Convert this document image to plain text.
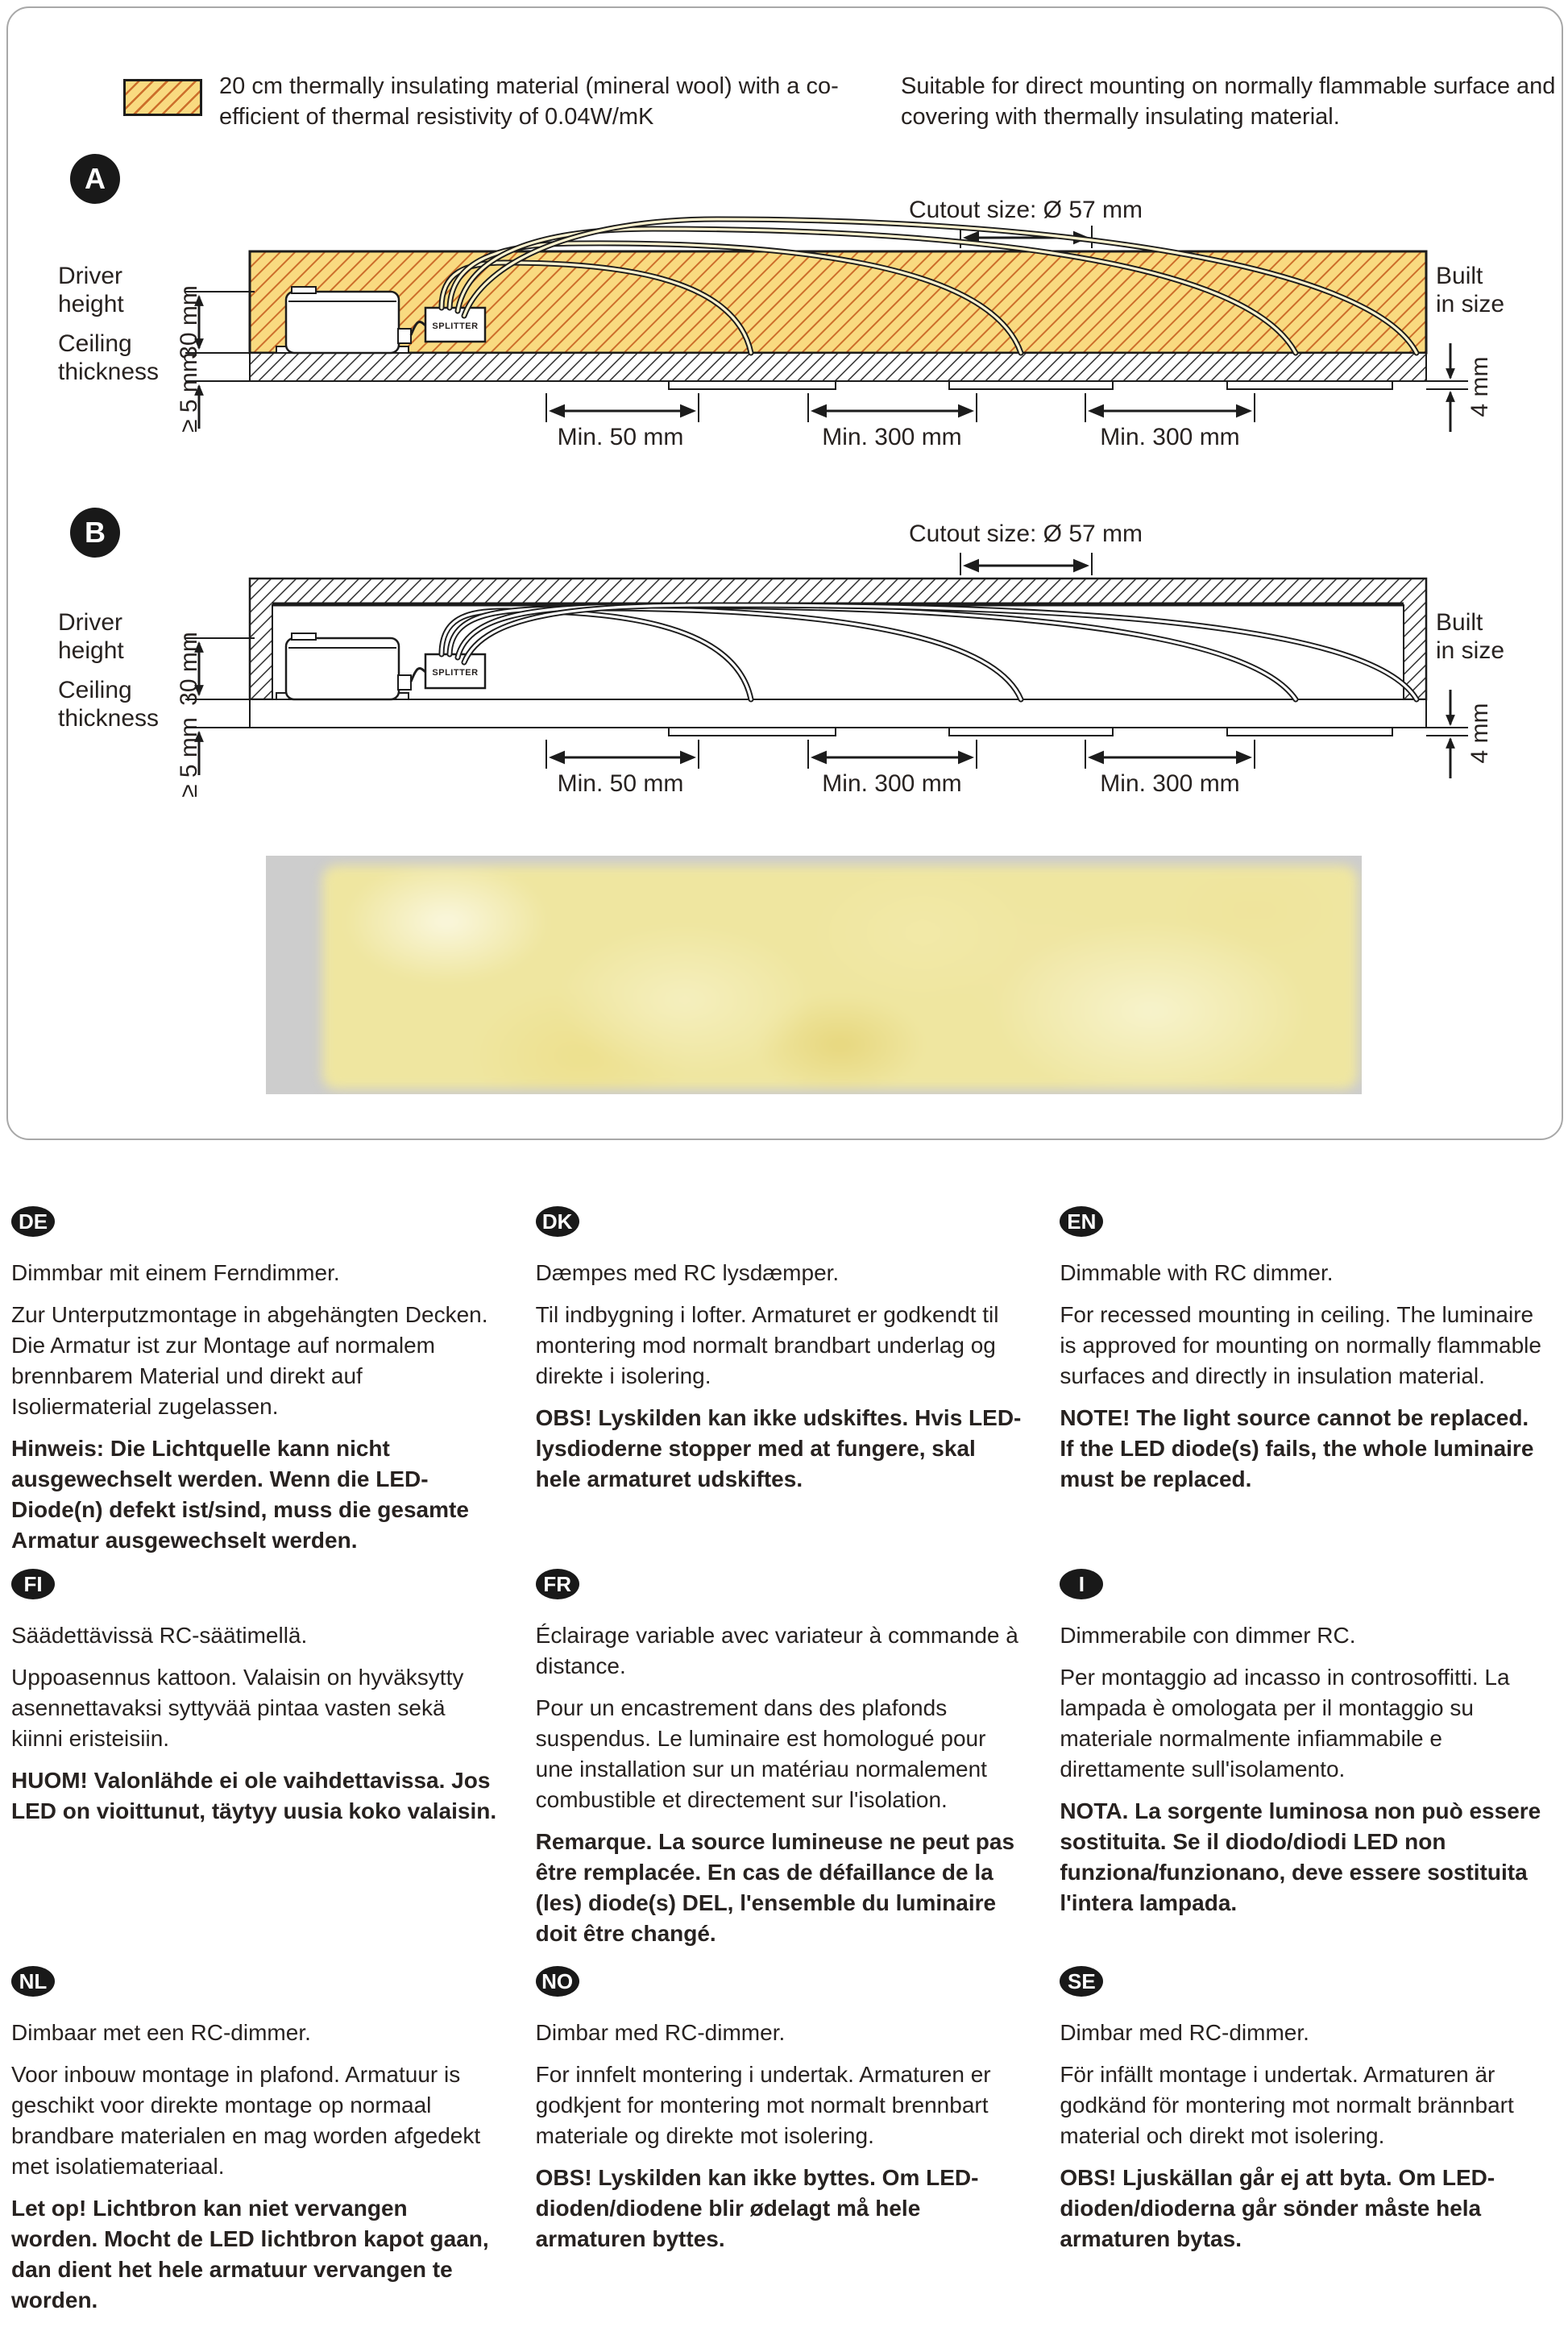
20 cm thermally insulating material (mineral wool) with a co-efficient of thermal resistivity of 0.04W/mK
Suitable for direct mounting on normally flammable surface and covering with thermally insulating material.
A
B
Cutout size: Ø 57 mm
SPLITTER
Min. 50 mm	Min. 300 mm	Min. 300 mm
Driver
height
Ceiling
thickness
30 mm
≥ 5 mm
Built
in size
4 mm
Cutout size: Ø 57 mm
SPLITTER
Min. 50 mm	Min. 300 mm	Min. 300 mm
Driver
height
Ceiling
thickness
30 mm
≥ 5 mm
Built
in size
4 mm
DE

Dimmbar mit einem Ferndimmer.

Zur Unterputzmontage in abgehängten Decken. Die Armatur ist zur Montage auf normalem brennbarem Material und direkt auf Isoliermaterial zugelassen.

Hinweis: Die Lichtquelle kann nicht ausgewechselt werden. Wenn die LED-Diode(n) defekt ist/sind, muss die gesamte Armatur ausgewechselt werden.

DK

Dæmpes med RC lysdæmper.

Til indbygning i lofter. Armaturet er godkendt til montering mod normalt brandbart underlag og direkte i isolering.

OBS! Lyskilden kan ikke udskiftes. Hvis LED-lysdioderne stopper med at fungere, skal hele armaturet udskiftes.

EN

Dimmable with RC dimmer.

For recessed mounting in ceiling. The luminaire is approved for mounting on normally flammable surfaces and directly in insulation material.

NOTE! The light source cannot be replaced. If the LED diode(s) fails, the whole luminaire must be replaced.

FI

Säädettävissä RC-säätimellä.

Uppoasennus kattoon. Valaisin on hyväksytty asennettavaksi syttyvää pintaa vasten sekä kiinni eristeisiin.

HUOM! Valonlähde ei ole vaihdettavissa. Jos LED on vioittunut, täytyy uusia koko valaisin.

FR

Éclairage variable avec variateur à commande à distance.

Pour un encastrement dans des plafonds suspendus. Le luminaire est homologué pour une installation sur un matériau normalement combustible et directement sur l'isolation.

Remarque. La source lumineuse ne peut pas être remplacée. En cas de défaillance de la (les) diode(s) DEL, l'ensemble du luminaire doit être changé.

I

Dimmerabile con dimmer RC.

Per montaggio ad incasso in controsoffitti. La lampada è omologata per il montaggio su materiale normalmente infiammabile e direttamente sull'isolamento.

NOTA. La sorgente luminosa non può essere sostituita. Se il diodo/diodi LED non funziona/funzionano, deve essere sostituita l'intera lampada.

NL

Dimbaar met een RC-dimmer.

Voor inbouw montage in plafond. Armatuur is geschikt voor direkte montage op normaal brandbare materialen en mag worden afgedekt met isolatiemateriaal.

Let op! Lichtbron kan niet vervangen worden. Mocht de LED lichtbron kapot gaan, dan dient het hele armatuur vervangen te worden.

NO

Dimbar med RC-dimmer.

For innfelt montering i undertak. Armaturen er godkjent for montering mot normalt brennbart materiale og direkte mot isolering.

OBS! Lyskilden kan ikke byttes. Om LED-dioden/diodene blir ødelagt må hele armaturen byttes.

SE

Dimbar med RC-dimmer.

För infällt montage i undertak. Armaturen är godkänd för montering mot normalt brännbart material och direkt mot isolering.

OBS! Ljuskällan går ej att byta. Om LED-dioden/dioderna går sönder måste hela armaturen bytas.
